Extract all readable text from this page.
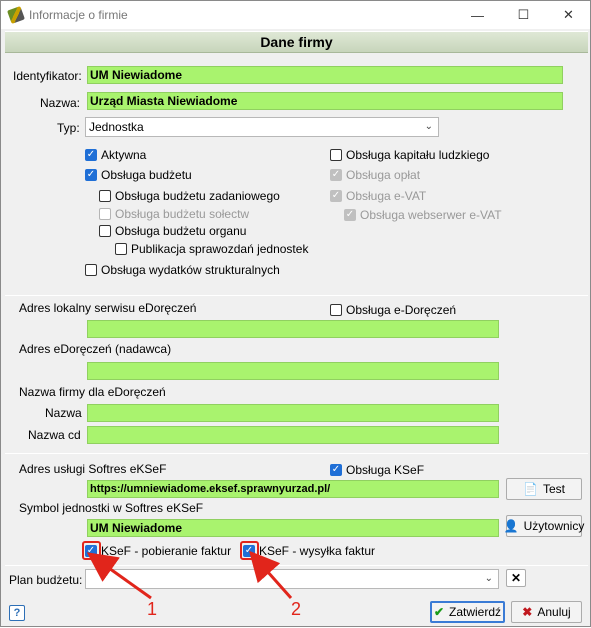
Informacje o firmie	—	☐	✕
Dane firmy
Identyfikator: UM Niewiadome
Nazwa: Urząd Miasta Niewiadome
Typ: Jednostka	⌄
✓ Aktywna
✓ Obsługa budżetu
Obsługa budżetu zadaniowego
Obsługa budżetu sołectw
Obsługa budżetu organu
Publikacja sprawozdań jednostek
Obsługa wydatków strukturalnych
Obsługa kapitału ludzkiego
✓ Obsługa opłat
✓ Obsługa e-VAT
✓ Obsługa webserwer e-VAT
Adres lokalny serwisu eDoręczeń	Obsługa e-Doręczeń
Adres eDoręczeń (nadawca)
Nazwa firmy dla eDoręczeń
Nazwa
Nazwa cd
Adres usługi Softres eKSeF	✓ Obsługa KSeF
https://umniewiadome.eksef.sprawnyurzad.pl/	📄 Test
Symbol jednostki w Softres eKSeF
UM Niewiadome	👤 Użytownicy
✓ KSeF - pobieranie faktur ✓ KSeF - wysyłka faktur
Plan budżetu:	⌄	✕
?	✔ Zatwierdź ✖ Anuluj
1	2
